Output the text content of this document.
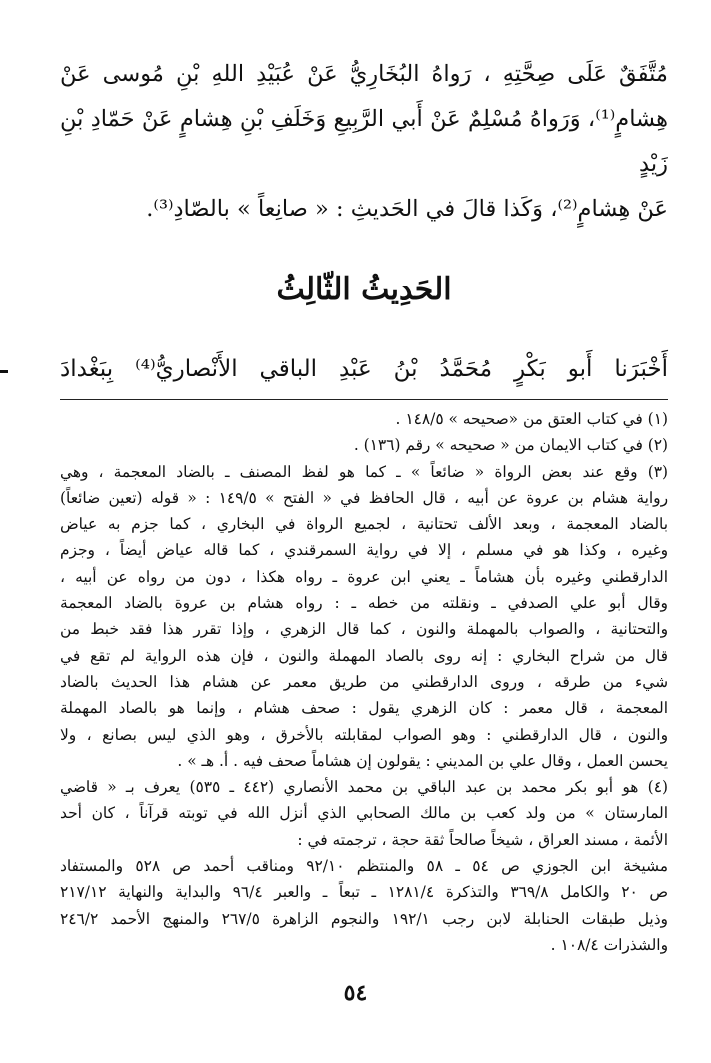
مُتَّفَقٌ عَلَى صِحَّتِهِ ، رَواهُ البُخَارِيُّ عَنْ عُبَيْدِ اللهِ بْنِ مُوسى عَنْ

هِشامٍ⁽¹⁾، وَرَواهُ مُسْلِمٌ عَنْ أَبي الرَّبِيعِ وَخَلَفِ بْنِ هِشامٍ عَنْ حَمّادِ بْنِ زَيْدٍ

عَنْ هِشامٍ⁽²⁾، وَكَذا قالَ في الحَديثِ : « صانِعاً » بالصّادِ⁽³⁾.

الحَدِيثُ الثّالِثُ

أَخْبَرَنا أَبو بَكْرٍ مُحَمَّدُ بْنُ عَبْدِ الباقي الأَنْصاريُّ⁽⁴⁾ بِبَغْدادَ

(١) في كتاب العتق من «صحيحه » ١٤٨/٥ .
(٢) في كتاب الايمان من « صحيحه » رقم (١٣٦) .
(٣) وقع عند بعض الرواة « ضائعاً » ـ كما هو لفظ المصنف ـ بالضاد المعجمة ، وهي
رواية هشام بن عروة عن أبيه ، قال الحافظ في « الفتح » ١٤٩/٥ : « قوله (تعين ضائعاً)
بالضاد المعجمة ، وبعد الألف تحتانية ، لجميع الرواة في البخاري ، كما جزم به عياض
وغيره ، وكذا هو في مسلم ، إلا في رواية السمرقندي ، كما قاله عياض أيضاً ، وجزم
الدارقطني وغيره بأن هشاماً ـ يعني ابن عروة ـ رواه هكذا ، دون من رواه عن أبيه ،
وقال أبو علي الصدفي ـ ونقلته من خطه ـ : رواه هشام بن عروة بالضاد المعجمة
والتحتانية ، والصواب بالمهملة والنون ، كما قال الزهري ، وإذا تقرر هذا فقد خبط من
قال من شراح البخاري : إنه روى بالصاد المهملة والنون ، فإن هذه الرواية لم تقع في
شيء من طرقه ، وروى الدارقطني من طريق معمر عن هشام هذا الحديث بالضاد
المعجمة ، قال معمر : كان الزهري يقول : صحف هشام ، وإنما هو بالصاد المهملة
والنون ، قال الدارقطني : وهو الصواب لمقابلته بالأخرق ، وهو الذي ليس بصانع ، ولا
يحسن العمل ، وقال علي بن المديني : يقولون إن هشاماً صحف فيه . أ. هـ » .
(٤) هو أبو بكر محمد بن عبد الباقي بن محمد الأنصاري (٤٤٢ ـ ٥٣٥) يعرف بـ « قاضي
المارستان » من ولد كعب بن مالك الصحابي الذي أنزل الله في توبته قرآناً ، كان أحد
الأئمة ، مسند العراق ، شيخاً صالحاً ثقة حجة ، ترجمته في :
مشيخة ابن الجوزي ص ٥٤ ـ ٥٨ والمنتظم ٩٢/١٠ ومناقب أحمد ص ٥٢٨ والمستفاد
ص ٢٠ والكامل ٣٦٩/٨ والتذكرة ١٢٨١/٤ ـ تبعاً ـ والعبر ٩٦/٤ والبداية والنهاية ٢١٧/١٢
وذيل طبقات الحنابلة لابن رجب ١٩٢/١ والنجوم الزاهرة ٢٦٧/٥ والمنهج الأحمد ٢٤٦/٢
والشذرات ١٠٨/٤ .
٥٤
